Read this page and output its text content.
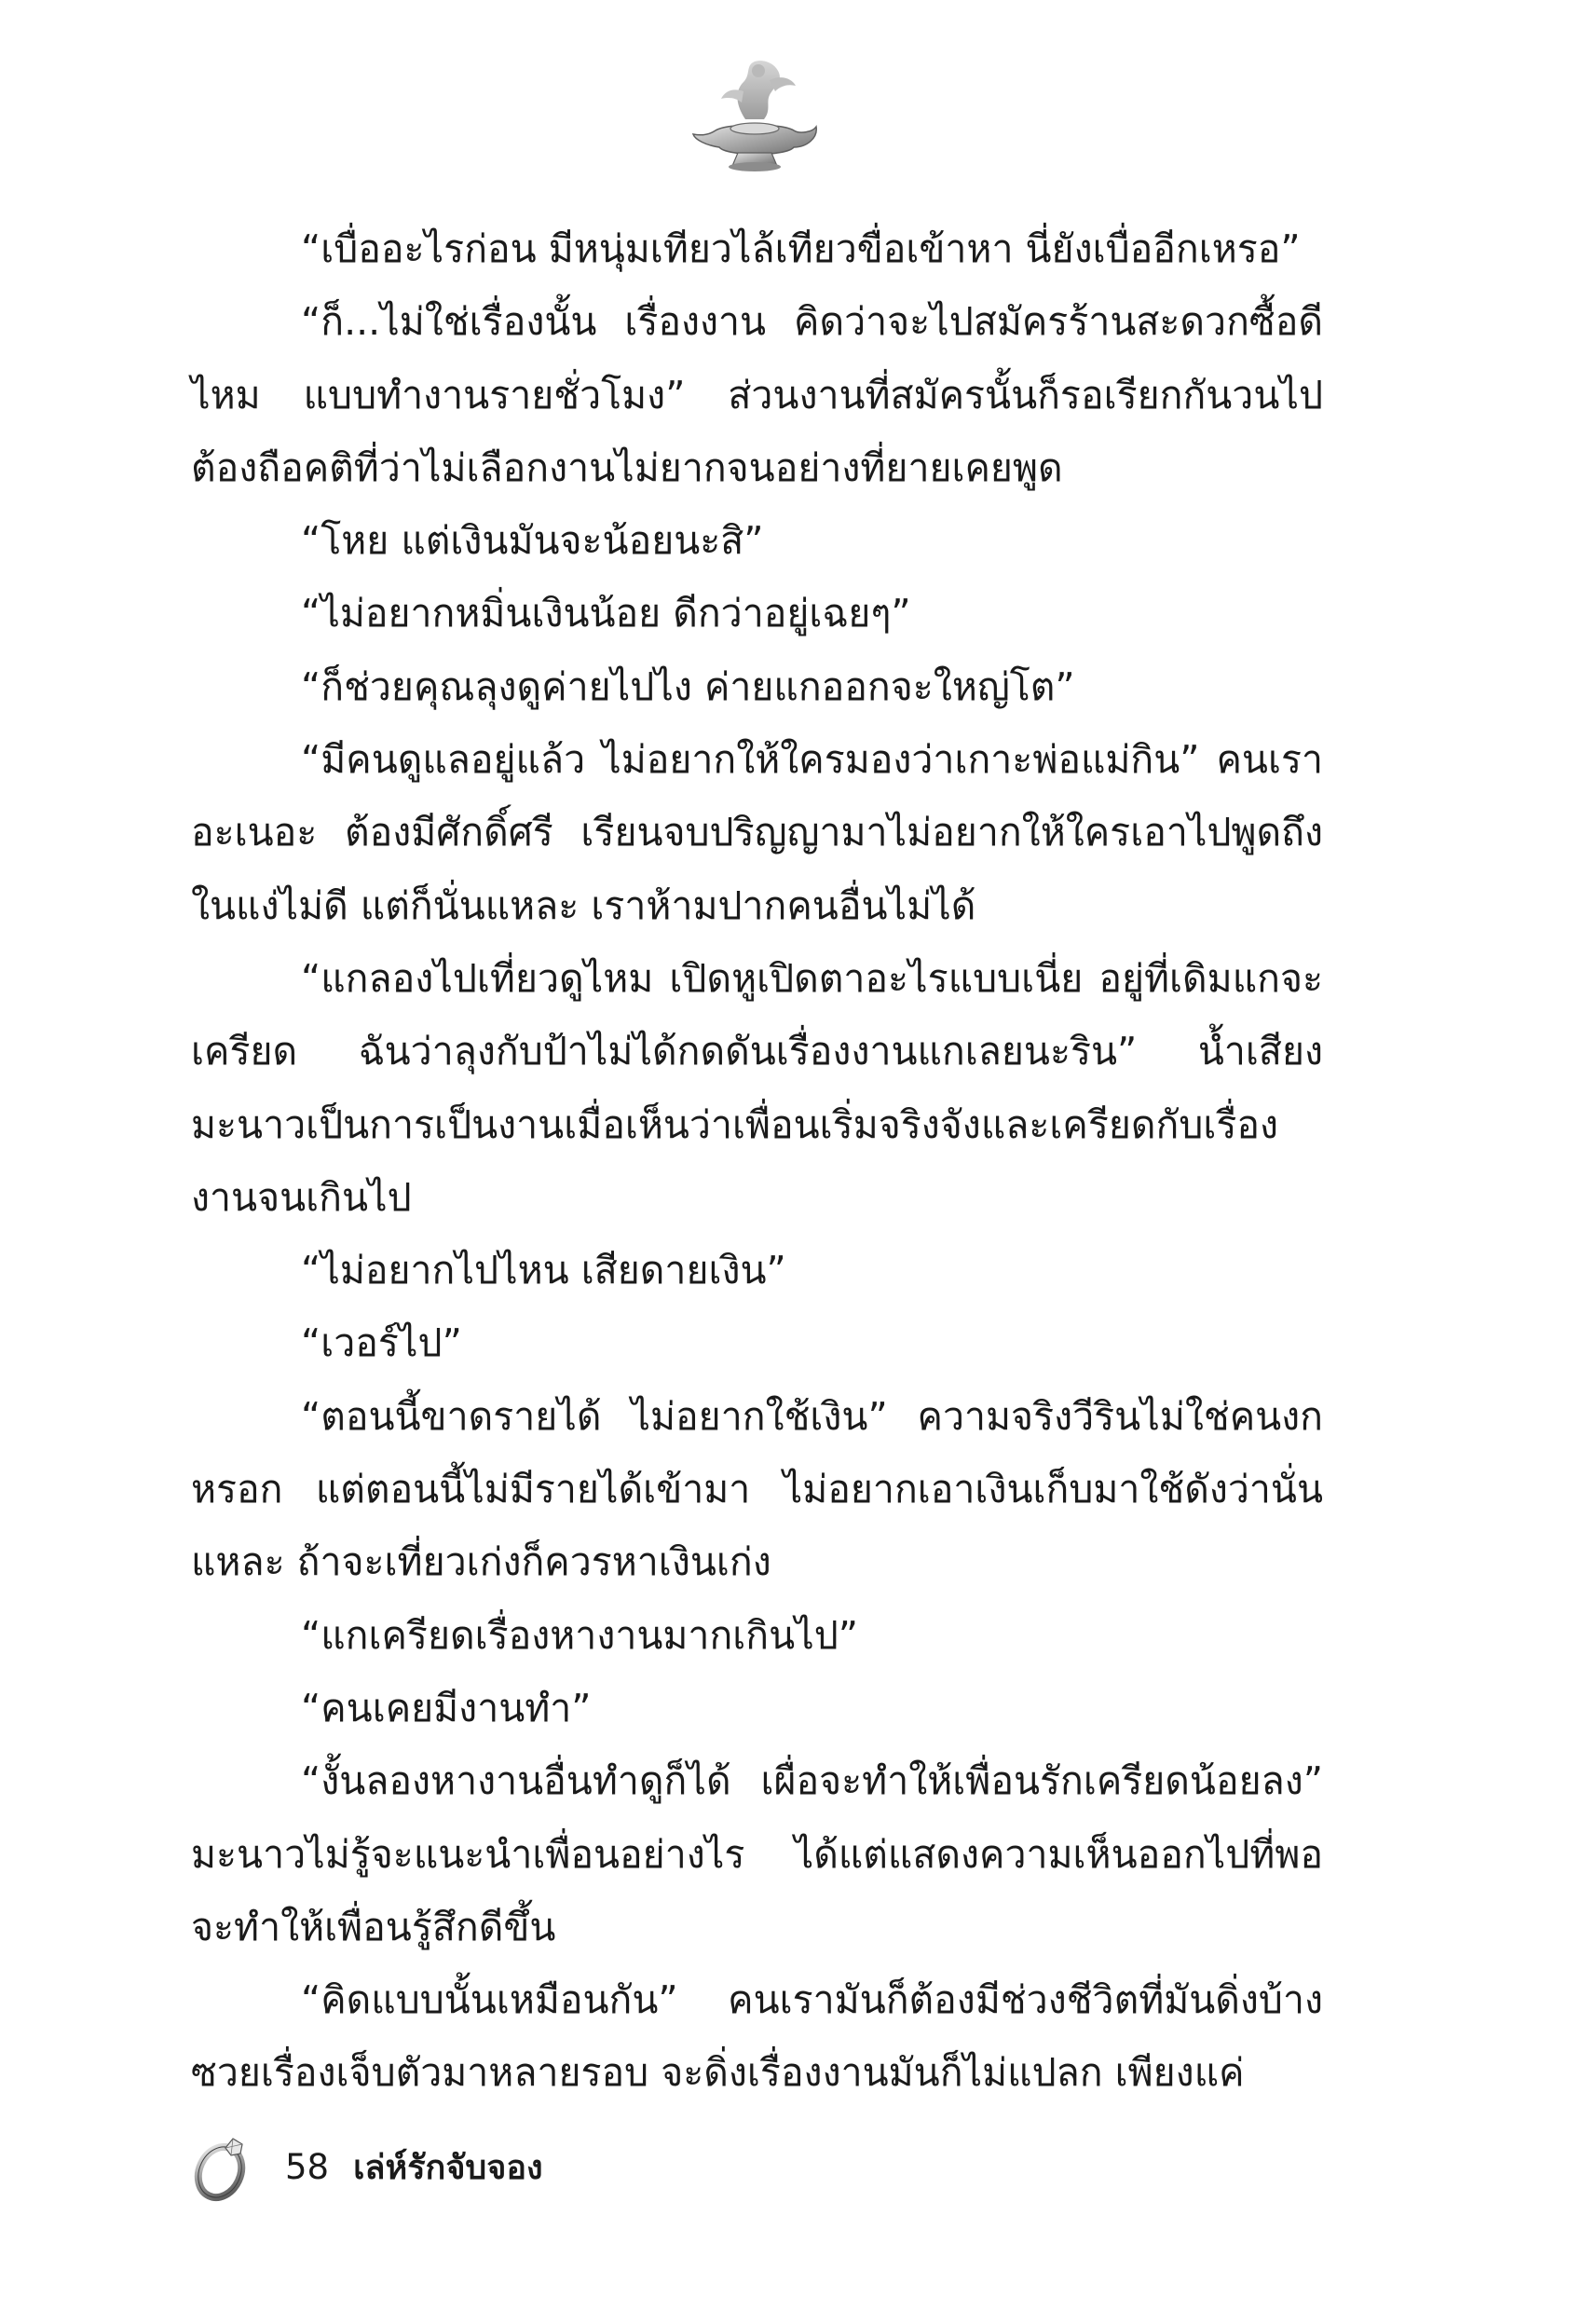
“เบื่ออะไรก่อน มีหนุ่มเทียวไล้เทียวขื่อเข้าหา นี่ยังเบื่ออีกเหรอ”

“ก็...ไม่ใช่เรื่องนั้น เรื่องงาน คิดว่าจะไปสมัครร้านสะดวกซื้อดีไหม แบบทำงานรายชั่วโมง” ส่วนงานที่สมัครนั้นก็รอเรียกกันวนไป ต้องถือคติที่ว่าไม่เลือกงานไม่ยากจนอย่างที่ยายเคยพูด

“โหย แต่เงินมันจะน้อยนะสิ”

“ไม่อยากหมิ่นเงินน้อย ดีกว่าอยู่เฉยๆ”

“ก็ช่วยคุณลุงดูค่ายไปไง ค่ายแกออกจะใหญ่โต”

“มีคนดูแลอยู่แล้ว ไม่อยากให้ใครมองว่าเกาะพ่อแม่กิน” คนเราอะเนอะ ต้องมีศักดิ์ศรี เรียนจบปริญญามาไม่อยากให้ใครเอาไปพูดถึงในแง่ไม่ดี แต่ก็นั่นแหละ เราห้ามปากคนอื่นไม่ได้

“แกลองไปเที่ยวดูไหม เปิดหูเปิดตาอะไรแบบเนี่ย อยู่ที่เดิมแกจะเครียด ฉันว่าลุงกับป้าไม่ได้กดดันเรื่องงานแกเลยนะริน” น้ำเสียงมะนาวเป็นการเป็นงานเมื่อเห็นว่าเพื่อนเริ่มจริงจังและเครียดกับเรื่องงานจนเกินไป

“ไม่อยากไปไหน เสียดายเงิน”

“เวอร์ไป”

“ตอนนี้ขาดรายได้ ไม่อยากใช้เงิน” ความจริงวีรินไม่ใช่คนงกหรอก แต่ตอนนี้ไม่มีรายได้เข้ามา ไม่อยากเอาเงินเก็บมาใช้ดังว่านั่นแหละ ถ้าจะเที่ยวเก่งก็ควรหาเงินเก่ง

“แกเครียดเรื่องหางานมากเกินไป”

“คนเคยมีงานทำ”

“งั้นลองหางานอื่นทำดูก็ได้ เผื่อจะทำให้เพื่อนรักเครียดน้อยลง” มะนาวไม่รู้จะแนะนำเพื่อนอย่างไร ได้แต่แสดงความเห็นออกไปที่พอจะทำให้เพื่อนรู้สึกดีขึ้น

“คิดแบบนั้นเหมือนกัน” คนเรามันก็ต้องมีช่วงชีวิตที่มันดิ่งบ้าง ซวยเรื่องเจ็บตัวมาหลายรอบ จะดิ่งเรื่องงานมันก็ไม่แปลก เพียงแค่

58 เล่ห์รักจับจอง
